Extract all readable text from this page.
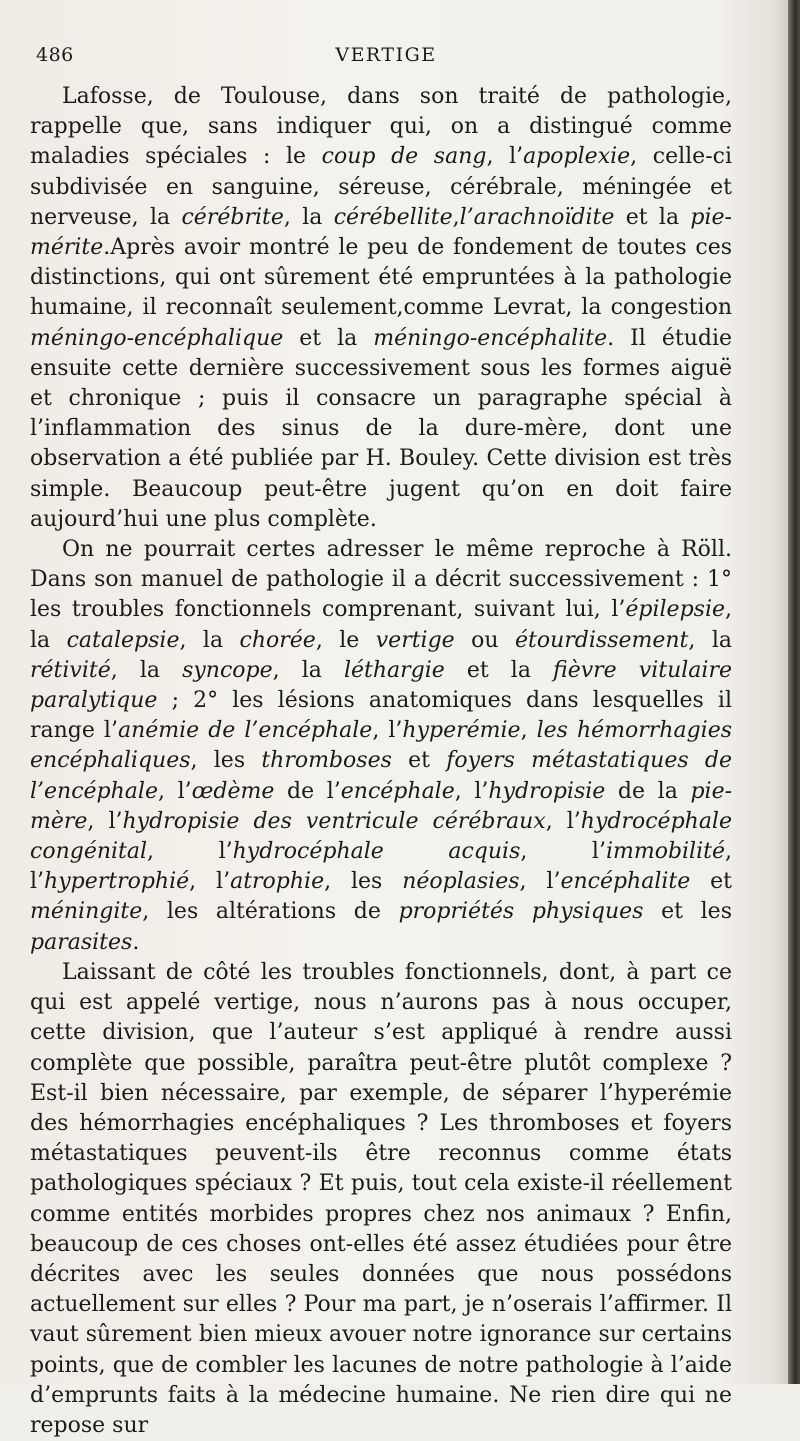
486	VERTIGE

Lafosse, de Toulouse, dans son traité de pathologie, rappelle que, sans indiquer qui, on a distingué comme maladies spéciales : le coup de sang, l’apoplexie, celle-ci subdivisée en sanguine, séreuse, cérébrale, méningée et nerveuse, la cérébrite, la cérébellite,l’arachnoïdite et la pie-mérite.Après avoir montré le peu de fondement de toutes ces distinctions, qui ont sûrement été empruntées à la pathologie humaine, il reconnaît seulement,comme Levrat, la congestion méningo-encéphalique et la méningo-encéphalite. Il étudie ensuite cette dernière successivement sous les formes aiguë et chronique ; puis il consacre un paragraphe spécial à l’inflammation des sinus de la dure-mère, dont une observation a été publiée par H. Bouley. Cette division est très simple. Beaucoup peut-être jugent qu’on en doit faire aujourd’hui une plus complète.

On ne pourrait certes adresser le même reproche à Röll. Dans son manuel de pathologie il a décrit successivement : 1° les troubles fonctionnels comprenant, suivant lui, l’épilepsie, la catalepsie, la chorée, le vertige ou étourdissement, la rétivité, la syncope, la léthargie et la fièvre vitulaire paralytique ; 2° les lésions anatomiques dans lesquelles il range l’anémie de l’encéphale, l’hyperémie, les hémorrhagies encéphaliques, les thromboses et foyers métastatiques de l’encéphale, l’œdème de l’encéphale, l’hydropisie de la pie-mère, l’hydropisie des ventricule cérébraux, l’hydrocéphale congénital, l’hydrocéphale acquis, l’immobilité, l’hypertrophié, l’atrophie, les néoplasies, l’encéphalite et méningite, les altérations de propriétés physiques et les parasites.

Laissant de côté les troubles fonctionnels, dont, à part ce qui est appelé vertige, nous n’aurons pas à nous occuper, cette division, que l’auteur s’est appliqué à rendre aussi complète que possible, paraîtra peut-être plutôt complexe ? Est-il bien nécessaire, par exemple, de séparer l’hyperémie des hémorrhagies encéphaliques ? Les thromboses et foyers métastatiques peuvent-ils être reconnus comme états pathologiques spéciaux ? Et puis, tout cela existe-il réellement comme entités morbides propres chez nos animaux ? Enfin, beaucoup de ces choses ont-elles été assez étudiées pour être décrites avec les seules données que nous possédons actuellement sur elles ? Pour ma part, je n’oserais l’affirmer. Il vaut sûrement bien mieux avouer notre ignorance sur certains points, que de combler les lacunes de notre pathologie à l’aide d’emprunts faits à la médecine humaine. Ne rien dire qui ne repose sur
